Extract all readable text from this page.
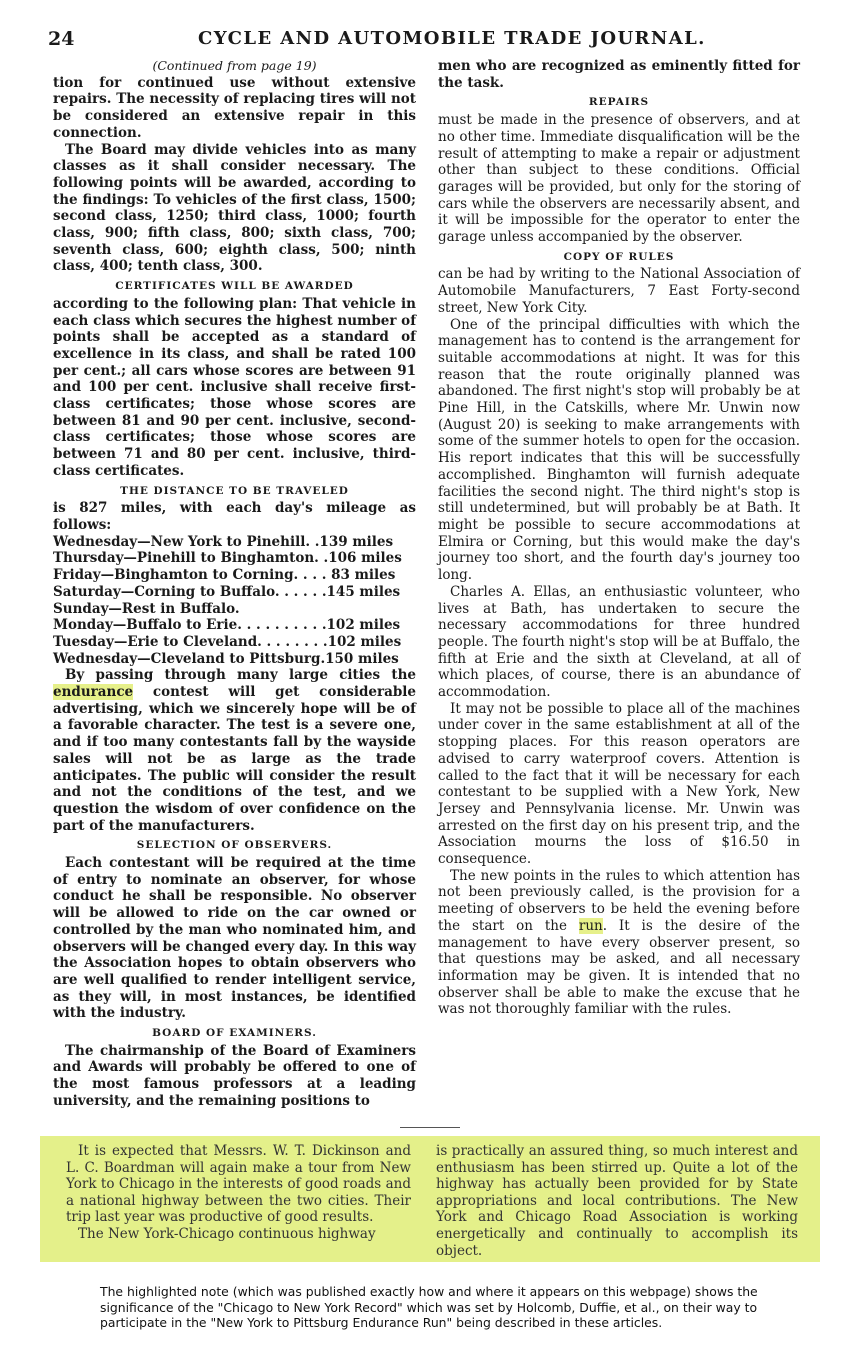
24	CYCLE AND AUTOMOBILE TRADE JOURNAL.

(Continued from page 19)

tion for continued use without extensive repairs. The necessity of replacing tires will not be considered an extensive repair in this connection.

The Board may divide vehicles into as many classes as it shall consider necessary. The following points will be awarded, according to the findings: To vehicles of the first class, 1500; second class, 1250; third class, 1000; fourth class, 900; fifth class, 800; sixth class, 700; seventh class, 600; eighth class, 500; ninth class, 400; tenth class, 300.

CERTIFICATES WILL BE AWARDED

according to the following plan: That vehicle in each class which secures the highest number of points shall be accepted as a standard of excellence in its class, and shall be rated 100 per cent.; all cars whose scores are between 91 and 100 per cent. inclusive shall receive first-class certificates; those whose scores are between 81 and 90 per cent. inclusive, second-class certificates; those whose scores are between 71 and 80 per cent. inclusive, third-class certificates.

THE DISTANCE TO BE TRAVELED

is 827 miles, with each day's mileage as follows:

Wednesday—New York to Pinehill. .139 miles

Thursday—Pinehill to Binghamton. .106 miles

Friday—Binghamton to Corning. . . . 83 miles

Saturday—Corning to Buffalo. . . . . .145 miles

Sunday—Rest in Buffalo.

Monday—Buffalo to Erie. . . . . . . . . .102 miles

Tuesday—Erie to Cleveland. . . . . . . .102 miles

Wednesday—Cleveland to Pittsburg.150 miles

By passing through many large cities the endurance contest will get considerable advertising, which we sincerely hope will be of a favorable character. The test is a severe one, and if too many contestants fall by the wayside sales will not be as large as the trade anticipates. The public will consider the result and not the conditions of the test, and we question the wisdom of over confidence on the part of the manufacturers.

SELECTION OF OBSERVERS.

Each contestant will be required at the time of entry to nominate an observer, for whose conduct he shall be responsible. No observer will be allowed to ride on the car owned or controlled by the man who nominated him, and observers will be changed every day. In this way the Association hopes to obtain observers who are well qualified to render intelligent service, as they will, in most instances, be identified with the industry.

BOARD OF EXAMINERS.

The chairmanship of the Board of Examiners and Awards will probably be offered to one of the most famous professors at a leading university, and the remaining positions to

men who are recognized as eminently fitted for the task.

REPAIRS

must be made in the presence of observers, and at no other time. Immediate disqualification will be the result of attempting to make a repair or adjustment other than subject to these conditions. Official garages will be provided, but only for the storing of cars while the observers are necessarily absent, and it will be impossible for the operator to enter the garage unless accompanied by the observer.

COPY OF RULES

can be had by writing to the National Association of Automobile Manufacturers, 7 East Forty-second street, New York City.

One of the principal difficulties with which the management has to contend is the arrangement for suitable accommodations at night. It was for this reason that the route originally planned was abandoned. The first night's stop will probably be at Pine Hill, in the Catskills, where Mr. Unwin now (August 20) is seeking to make arrangements with some of the summer hotels to open for the occasion. His report indicates that this will be successfully accomplished. Binghamton will furnish adequate facilities the second night. The third night's stop is still undetermined, but will probably be at Bath. It might be possible to secure accommodations at Elmira or Corning, but this would make the day's journey too short, and the fourth day's journey too long.

Charles A. Ellas, an enthusiastic volunteer, who lives at Bath, has undertaken to secure the necessary accommodations for three hundred people. The fourth night's stop will be at Buffalo, the fifth at Erie and the sixth at Cleveland, at all of which places, of course, there is an abundance of accommodation.

It may not be possible to place all of the machines under cover in the same establishment at all of the stopping places. For this reason operators are advised to carry waterproof covers. Attention is called to the fact that it will be necessary for each contestant to be supplied with a New York, New Jersey and Pennsylvania license. Mr. Unwin was arrested on the first day on his present trip, and the Association mourns the loss of $16.50 in consequence.

The new points in the rules to which attention has not been previously called, is the provision for a meeting of observers to be held the evening before the start on the run. It is the desire of the management to have every observer present, so that questions may be asked, and all necessary information may be given. It is intended that no observer shall be able to make the excuse that he was not thoroughly familiar with the rules.

It is expected that Messrs. W. T. Dickinson and L. C. Boardman will again make a tour from New York to Chicago in the interests of good roads and a national highway between the two cities. Their trip last year was productive of good results.

The New York-Chicago continuous highway

is practically an assured thing, so much interest and enthusiasm has been stirred up. Quite a lot of the highway has actually been provided for by State appropriations and local contributions. The New York and Chicago Road Association is working energetically and continually to accomplish its object.

The highlighted note (which was published exactly how and where it appears on this webpage) shows the significance of the "Chicago to New York Record" which was set by Holcomb, Duffie, et al., on their way to participate in the "New York to Pittsburg Endurance Run" being described in these articles.
